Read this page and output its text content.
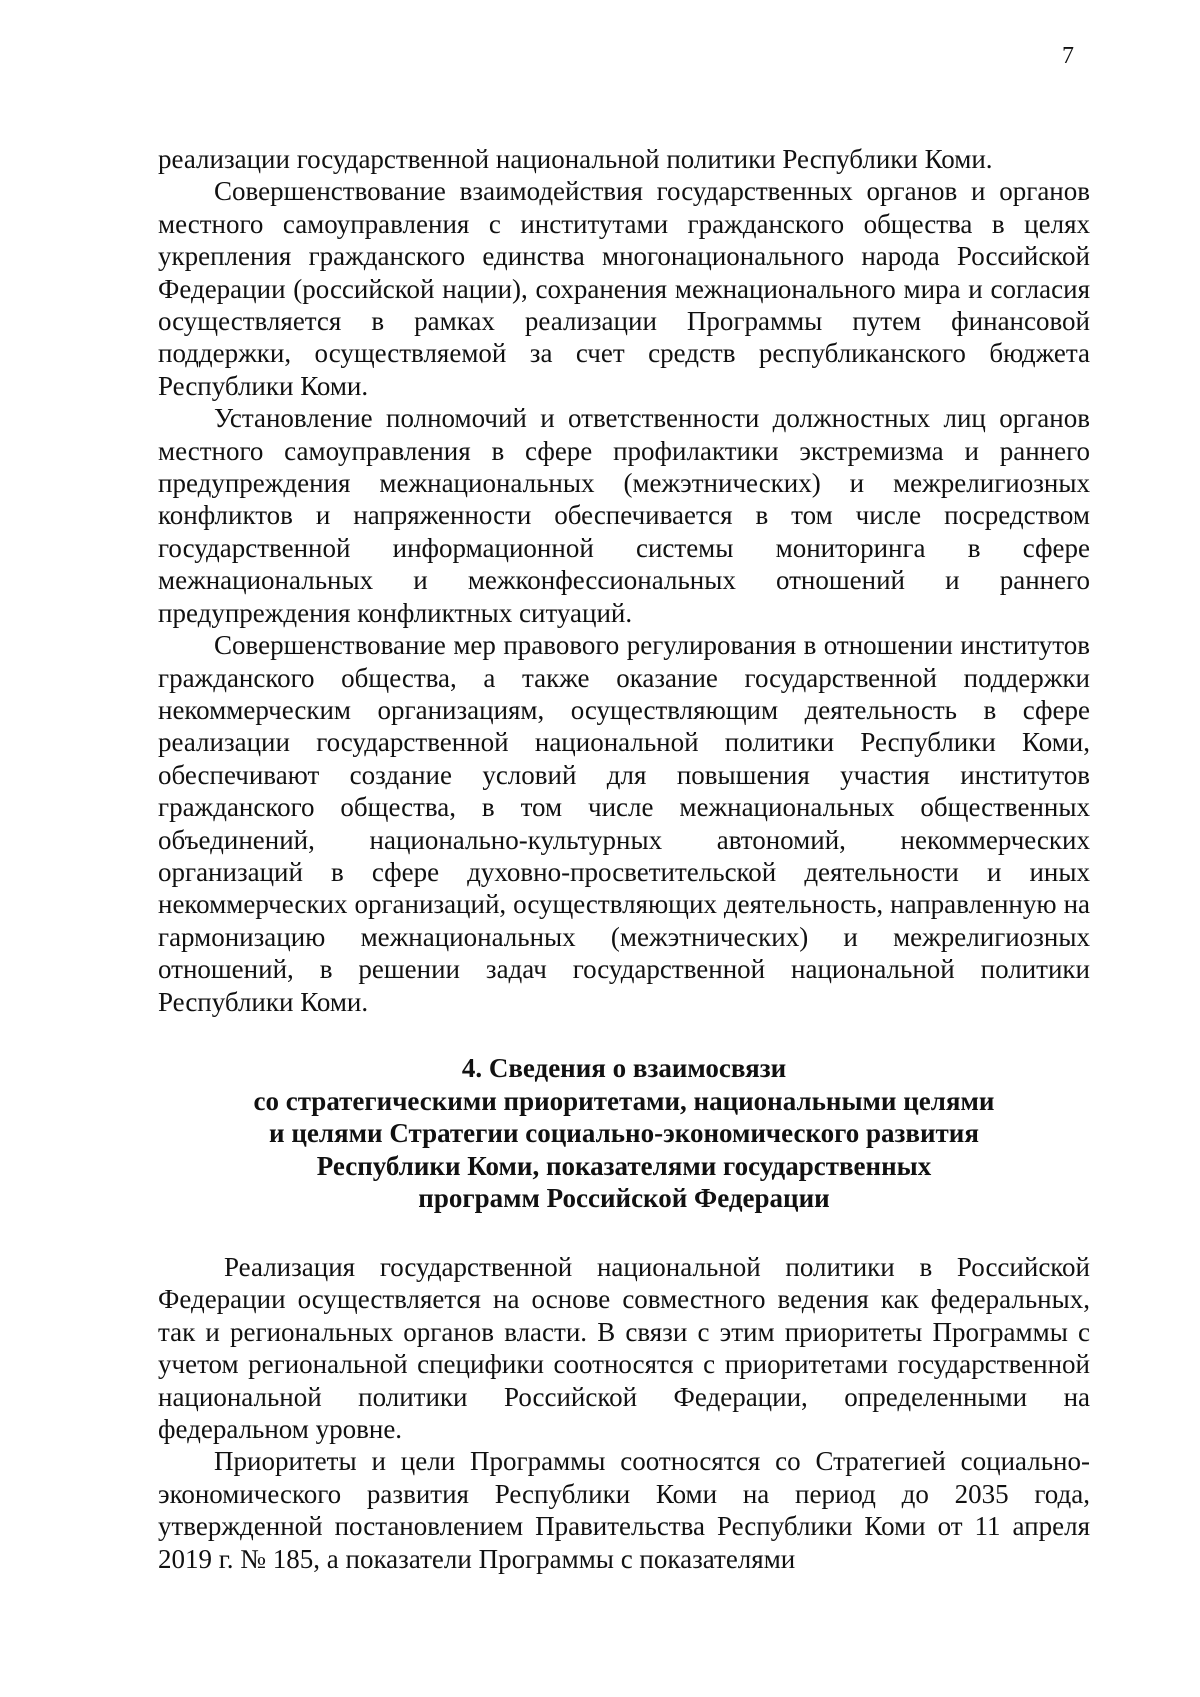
7

реализации государственной национальной политики Республики Коми.

Совершенствование взаимодействия государственных органов и органов местного самоуправления с институтами гражданского общества в целях укрепления гражданского единства многонационального народа Российской Федерации (российской нации), сохранения межнационального мира и согласия осуществляется в рамках реализации Программы путем финансовой поддержки, осуществляемой за счет средств республиканского бюджета Республики Коми.

Установление полномочий и ответственности должностных лиц органов местного самоуправления в сфере профилактики экстремизма и раннего предупреждения межнациональных (межэтнических) и межрелигиозных конфликтов и напряженности обеспечивается в том числе посредством государственной информационной системы мониторинга в сфере межнациональных и межконфессиональных отношений и раннего предупреждения конфликтных ситуаций.

Совершенствование мер правового регулирования в отношении институтов гражданского общества, а также оказание государственной поддержки некоммерческим организациям, осуществляющим деятельность в сфере реализации государственной национальной политики Республики Коми, обеспечивают создание условий для повышения участия институтов гражданского общества, в том числе межнациональных общественных объединений, национально-культурных автономий, некоммерческих организаций в сфере духовно-просветительской деятельности и иных некоммерческих организаций, осуществляющих деятельность, направленную на гармонизацию межнациональных (межэтнических) и межрелигиозных отношений, в решении задач государственной национальной политики Республики Коми.

4. Сведения о взаимосвязи
со стратегическими приоритетами, национальными целями
и целями Стратегии социально-экономического развития
Республики Коми, показателями государственных
программ Российской Федерации

Реализация государственной национальной политики в Российской Федерации осуществляется на основе совместного ведения как федеральных, так и региональных органов власти. В связи с этим приоритеты Программы с учетом региональной специфики соотносятся с приоритетами государственной национальной политики Российской Федерации, определенными на федеральном уровне.

Приоритеты и цели Программы соотносятся со Стратегией социально-экономического развития Республики Коми на период до 2035 года, утвержденной постановлением Правительства Республики Коми от 11 апреля 2019 г. № 185, а показатели Программы с показателями
